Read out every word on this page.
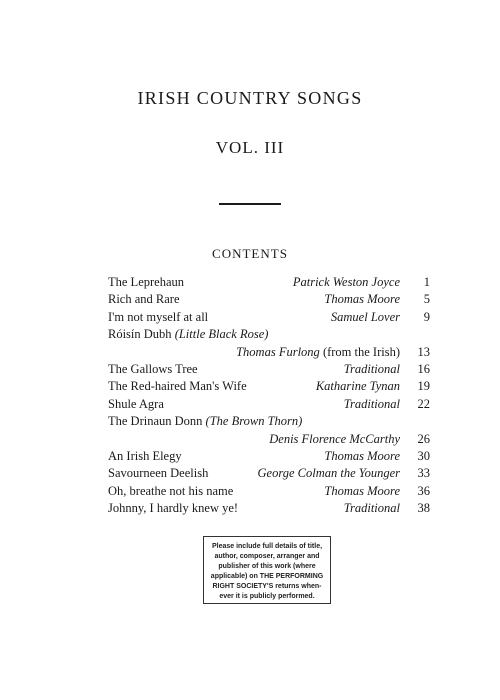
IRISH COUNTRY SONGS
VOL. III
CONTENTS
The Leprehaun	Patrick Weston Joyce	1
Rich and Rare	Thomas Moore	5
I'm not myself at all	Samuel Lover	9
Róisín Dubh (Little Black Rose)
Thomas Furlong (from the Irish)	13
The Gallows Tree	Traditional	16
The Red-haired Man's Wife	Katharine Tynan	19
Shule Agra	Traditional	22
The Drinaun Donn (The Brown Thorn)
Denis Florence McCarthy	26
An Irish Elegy	Thomas Moore	30
Savourneen Deelish	George Colman the Younger	33
Oh, breathe not his name	Thomas Moore	36
Johnny, I hardly knew ye!	Traditional	38
Please include full details of title,
author, composer, arranger and
publisher of this work (where
applicable) on THE PERFORMING
RIGHT SOCIETY'S returns when-
ever it is publicly performed.
